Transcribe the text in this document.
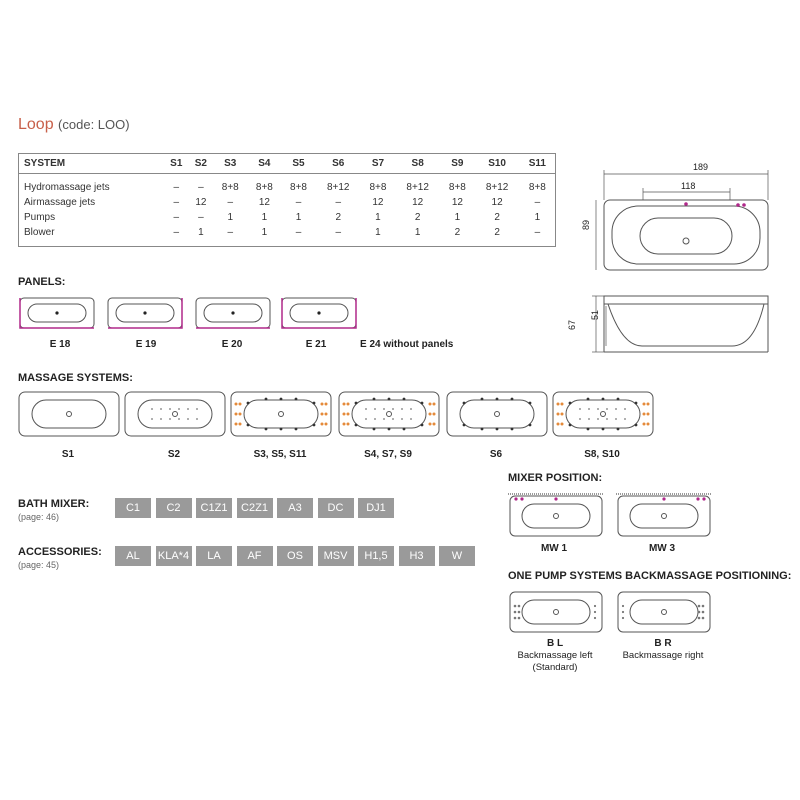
Loop (code: LOO)
SYSTEM	S1	S2	S3	S4	S5	S6	S7	S8	S9	S10	S11

Hydromassage jets	–	–	8+8	8+8	8+8	8+12	8+8	8+12	8+8	8+12	8+8
Airmassage jets	–	12	–	12	–	–	12	12	12	12	–
Pumps	–	–	1	1	1	2	1	2	1	2	1
Blower	–	1	–	1	–	–	1	1	2	2	–

189
118
89
67
51
PANELS:
E 18	E 19	E 20	E 21	E 24 without panels
MASSAGE SYSTEMS:
S1	S2	S3, S5, S11	S4, S7, S9	S6	S8, S10
BATH MIXER:
(page: 46)
C1	C2	C1Z1	C2Z1	A3	DC	DJ1
ACCESSORIES:
(page: 45)
AL	KLA*4	LA	AF	OS	MSV	H1,5	H3	W
MIXER POSITION:
MW 1	MW 3
ONE PUMP SYSTEMS BACKMASSAGE POSITIONING:
B L
Backmassage left
(Standard)
B R
Backmassage right
